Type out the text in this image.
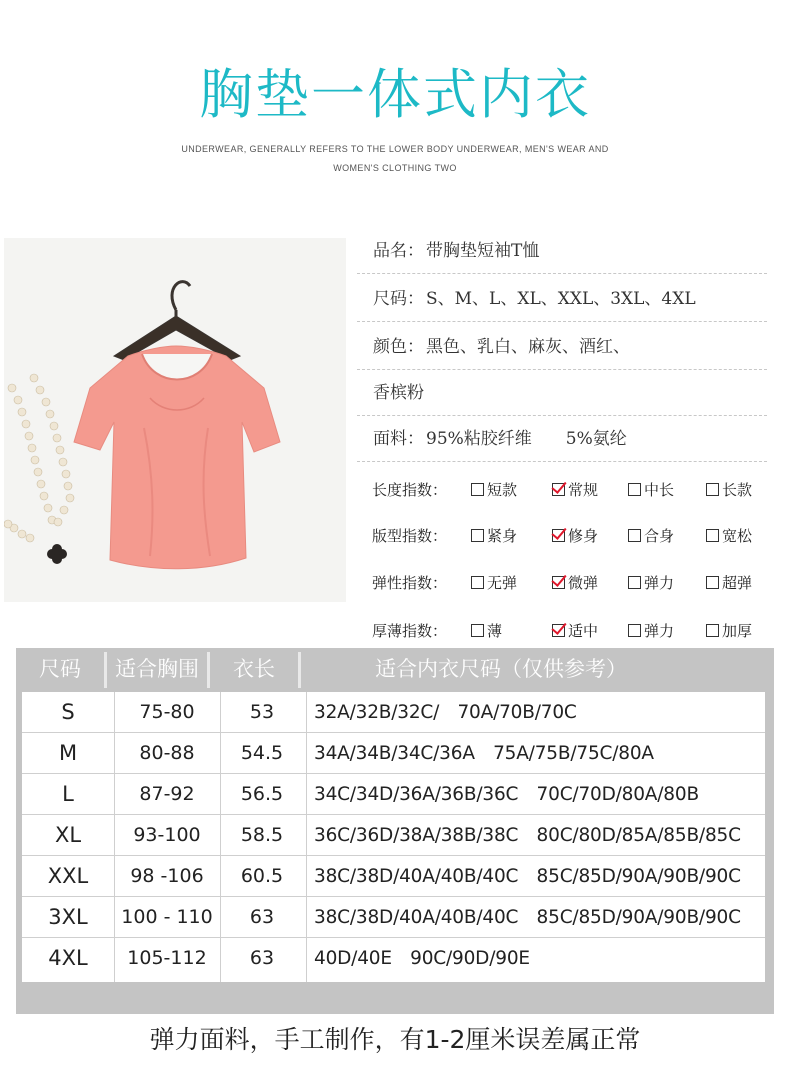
胸垫一体式内衣
UNDERWEAR, GENERALLY REFERS TO THE LOWER BODY UNDERWEAR, MEN'S WEAR AND
WOMEN'S CLOTHING TWO
品名： 带胸垫短袖T恤
尺码： S、M、L、XL、XXL、3XL、4XL
颜色： 黑色、乳白、麻灰、酒红、
香槟粉
面料： 95%粘胶纤维　　5%氨纶
长度指数：	短款	常规	中长	长款
版型指数：	紧身	修身	合身	宽松
弹性指数：	无弹	微弹	弹力	超弹
厚薄指数：	薄	适中	弹力	加厚
尺码	适合胸围	衣长	适合内衣尺码（仅供参考）
S	75-80	53	32A/32B/32C/　70A/70B/70C
M	80-88	54.5	34A/34B/34C/36A　75A/75B/75C/80A
L	87-92	56.5	34C/34D/36A/36B/36C　70C/70D/80A/80B
XL	93-100	58.5	36C/36D/38A/38B/38C　80C/80D/85A/85B/85C
XXL	98 -106	60.5	38C/38D/40A/40B/40C　85C/85D/90A/90B/90C
3XL	100 - 110	63	38C/38D/40A/40B/40C　85C/85D/90A/90B/90C
4XL	105-112	63	40D/40E　90C/90D/90E
弹力面料，手工制作，有1-2厘米误差属正常
